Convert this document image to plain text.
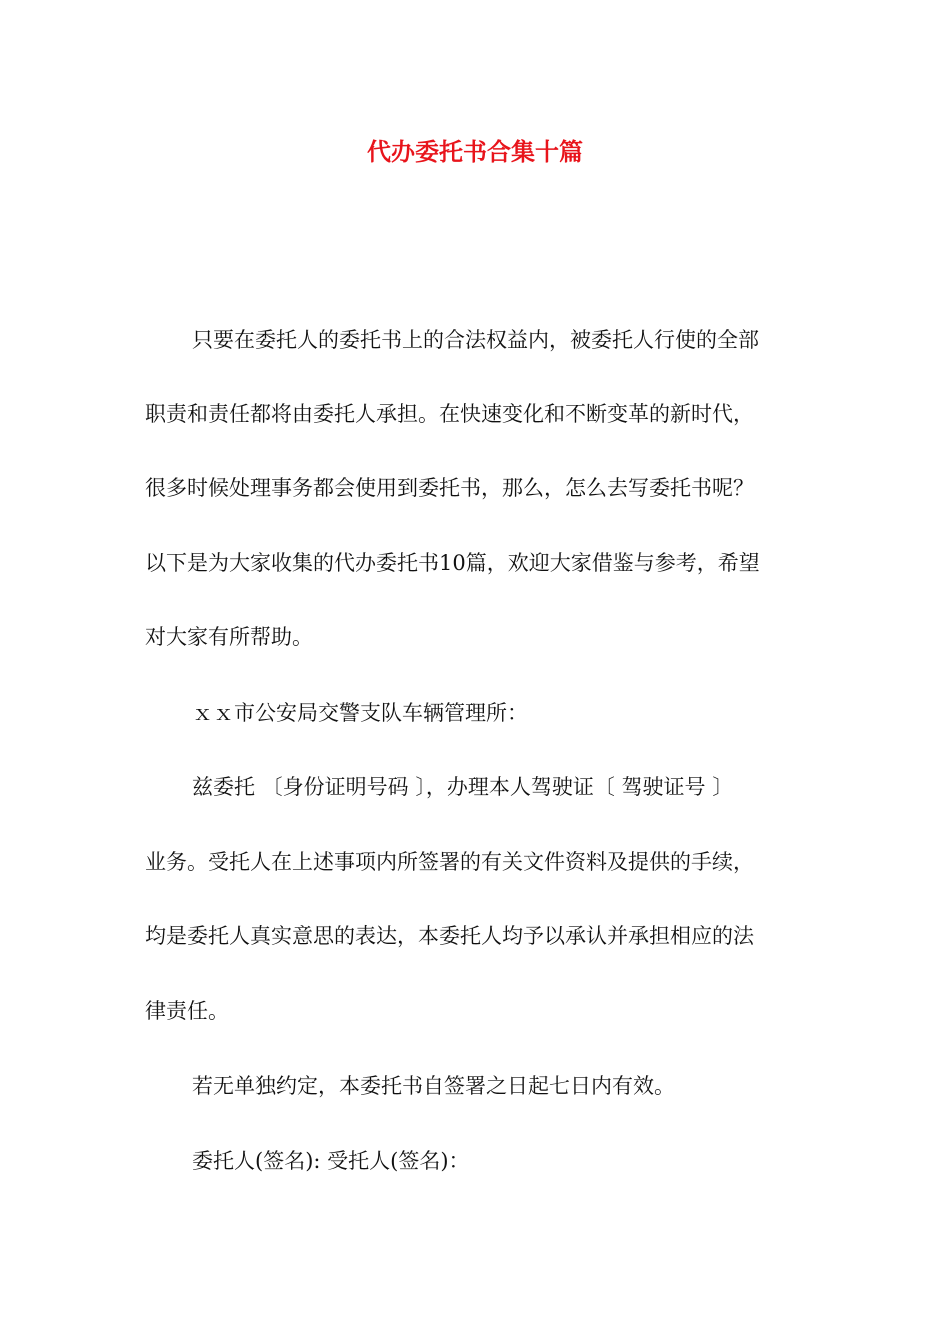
代办委托书合集十篇
只要在委托人的委托书上的合法权益内，被委托人行使的全部
职责和责任都将由委托人承担。在快速变化和不断变革的新时代，
很多时候处理事务都会使用到委托书，那么，怎么去写委托书呢？
以下是为大家收集的代办委托书10篇，欢迎大家借鉴与参考，希望
对大家有所帮助。
ｘｘ市公安局交警支队车辆管理所：
兹委托 〔身份证明号码 〕，办理本人驾驶证〔 驾驶证号 〕
业务。受托人在上述事项内所签署的有关文件资料及提供的手续，
均是委托人真实意思的表达，本委托人均予以承认并承担相应的法
律责任。
若无单独约定，本委托书自签署之日起七日内有效。
委托人(签名): 受托人(签名)：
